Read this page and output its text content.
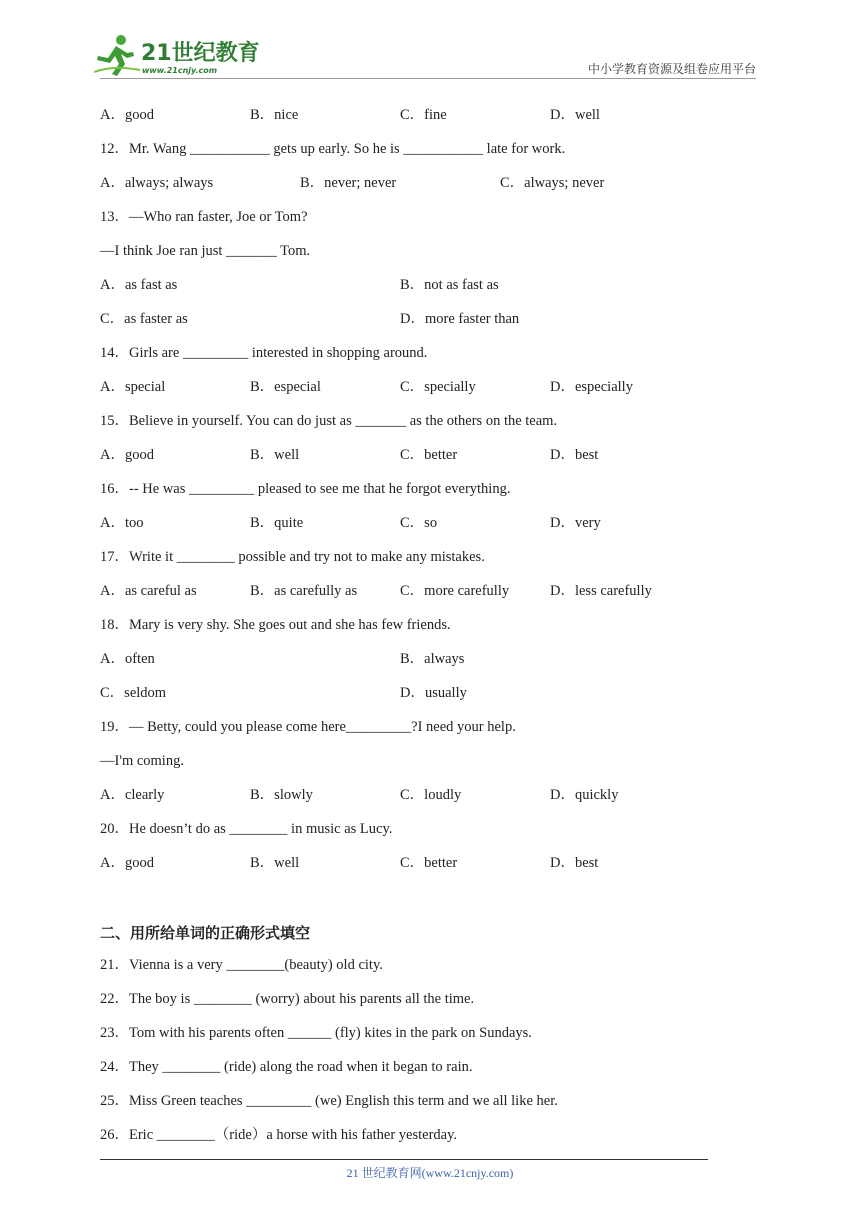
21世纪教育
www.21cnjy.com	中小学教育资源及组卷应用平台
A．good	B．nice	C．fine	D．well
12．Mr. Wang ___________ gets up early. So he is ___________ late for work.
A．always; always	B．never; never	C．always; never
13．—Who ran faster, Joe or Tom?
—I think Joe ran just _______ Tom.
A．as fast as	B．not as fast as
C．as faster as	D．more faster than
14．Girls are _________ interested in shopping around.
A．special	B．especial	C．specially	D．especially
15．Believe in yourself. You can do just as _______ as the others on the team.
A．good	B．well	C．better	D．best
16．-- He was _________ pleased to see me that he forgot everything.
A．too	B．quite	C．so	D．very
17．Write it ________ possible and try not to make any mistakes.
A．as careful as	B．as carefully as	C．more carefully	D．less carefully
18．Mary is very shy. She goes out and she has few friends.
A．often	B．always
C．seldom	D．usually
19．— Betty, could you please come here_________?I need your help.
—I'm coming.
A．clearly	B．slowly	C．loudly	D．quickly
20．He doesn’t do as ________ in music as Lucy.
A．good	B．well	C．better	D．best
二、用所给单词的正确形式填空
21．Vienna is a very ________(beauty) old city.
22．The boy is ________ (worry) about his parents all the time.
23．Tom with his parents often ______ (fly) kites in the park on Sundays.
24．They ________ (ride) along the road when it began to rain.
25．Miss Green teaches _________ (we) English this term and we all like her.
26．Eric ________（ride）a horse with his father yesterday.
21 世纪教育网(www.21cnjy.com)
